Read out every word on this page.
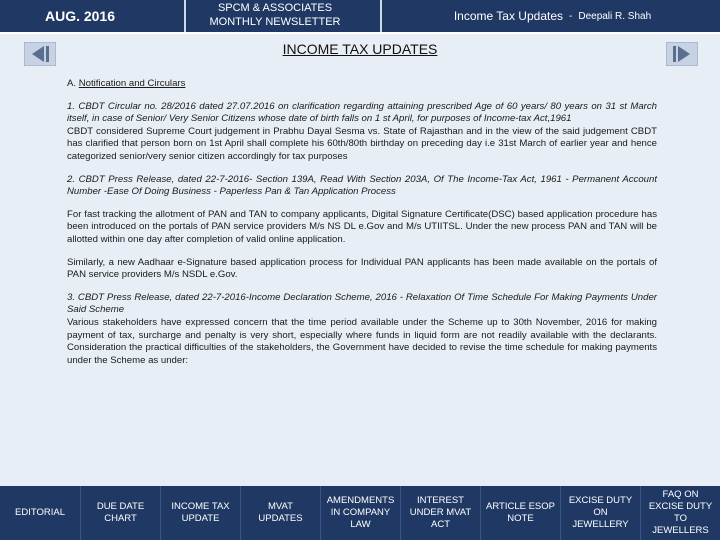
AUG. 2016	SPCM & ASSOCIATES MONTHLY NEWSLETTER	Income Tax Updates - Deepali R. Shah
INCOME TAX UPDATES

A. Notification and Circulars

1. CBDT Circular no. 28/2016 dated 27.07.2016 on clarification regarding attaining prescribed Age of 60 years/ 80 years on 31 st March itself, in case of Senior/ Very Senior Citizens whose date of birth falls on 1 st April, for purposes of Income-tax Act,1961

CBDT considered Supreme Court judgement in Prabhu Dayal Sesma vs. State of Rajasthan and in the view of the said judgement CBDT has clarified that person born on 1st April shall complete his 60th/80th birthday on preceding day i.e 31st March of earlier year and hence categorized senior/very senior citizen accordingly for tax purposes

2. CBDT Press Release, dated 22-7-2016- Section 139A, Read With Section 203A, Of The Income-Tax Act, 1961 - Permanent Account Number -Ease Of Doing Business - Paperless Pan & Tan Application Process

For fast tracking the allotment of PAN and TAN to company applicants, Digital Signature Certificate(DSC) based application procedure has been introduced on the portals of PAN service providers M/s NS DL e.Gov and M/s UTIITSL. Under the new process PAN and TAN will be allotted within one day after completion of valid online application.

Similarly, a new Aadhaar e-Signature based application process for Individual PAN applicants has been made available on the portals of PAN service providers M/s NSDL e.Gov.

3. CBDT Press Release, dated 22-7-2016-Income Declaration Scheme, 2016 - Relaxation Of Time Schedule For Making Payments Under Said Scheme

Various stakeholders have expressed concern that the time period available under the Scheme up to 30th November, 2016 for making payment of tax, surcharge and penalty is very short, especially where funds in liquid form are not readily available with the declarants. Consideration the practical difficulties of the stakeholders, the Government have decided to revise the time schedule for making payments under the Scheme as under:

EDITORIAL
DUE DATE CHART
INCOME TAX UPDATE
MVAT UPDATES
AMENDMENTS IN COMPANY LAW
INTEREST UNDER MVAT ACT
ARTICLE ESOP NOTE
EXCISE DUTY ON JEWELLERY
FAQ ON EXCISE DUTY TO JEWELLERS
